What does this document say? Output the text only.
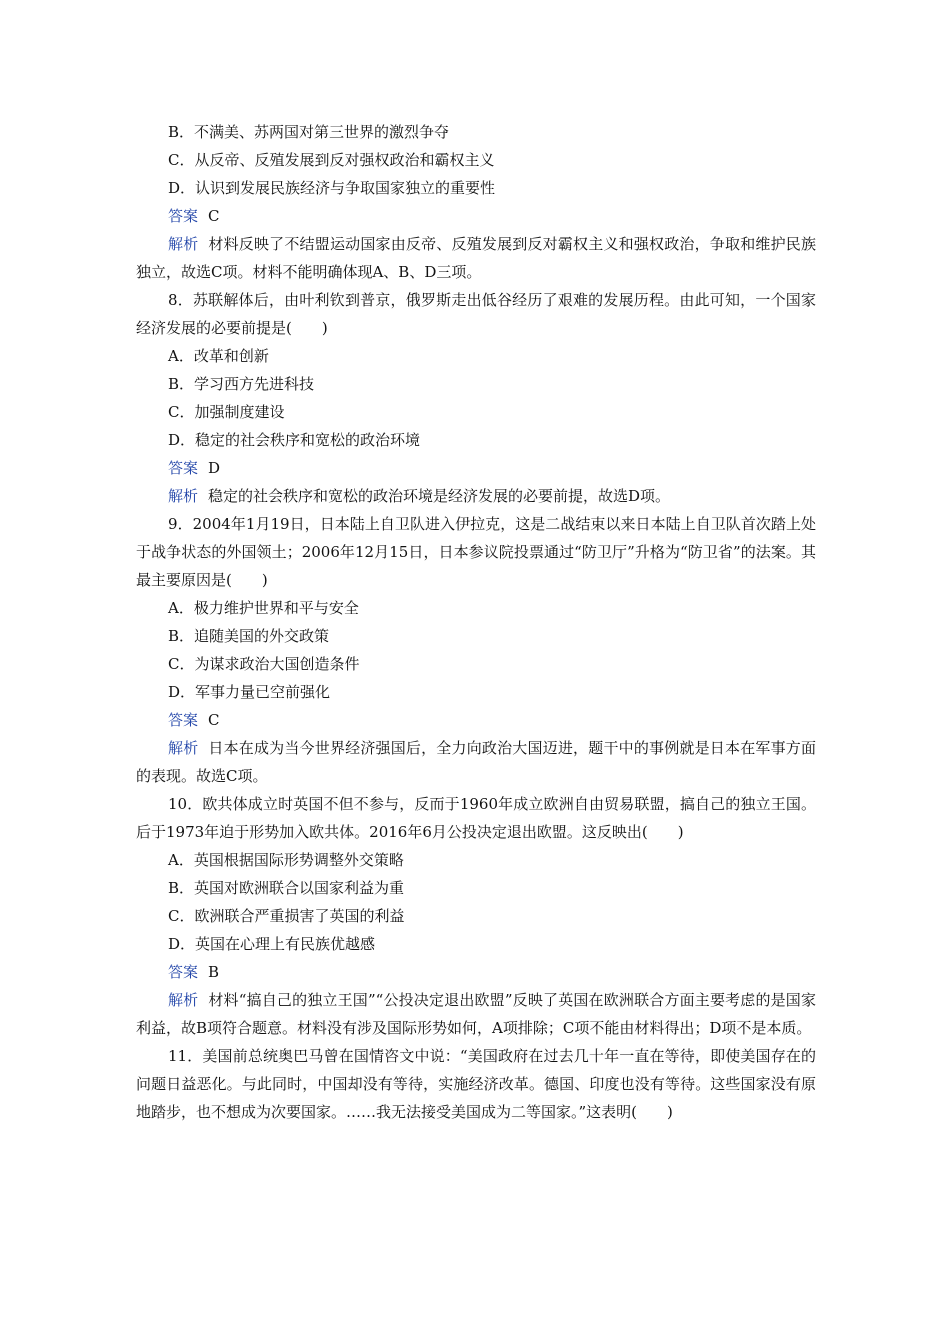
B．不满美、苏两国对第三世界的激烈争夺
C．从反帝、反殖发展到反对强权政治和霸权主义
D．认识到发展民族经济与争取国家独立的重要性
答案 C
解析 材料反映了不结盟运动国家由反帝、反殖发展到反对霸权主义和强权政治，争取和维护民族独立，故选C项。材料不能明确体现A、B、D三项。
8．苏联解体后，由叶利钦到普京，俄罗斯走出低谷经历了艰难的发展历程。由此可知，一个国家经济发展的必要前提是(　　)
A．改革和创新
B．学习西方先进科技
C．加强制度建设
D．稳定的社会秩序和宽松的政治环境
答案 D
解析 稳定的社会秩序和宽松的政治环境是经济发展的必要前提，故选D项。
9．2004年1月19日，日本陆上自卫队进入伊拉克，这是二战结束以来日本陆上自卫队首次踏上处于战争状态的外国领土；2006年12月15日，日本参议院投票通过“防卫厅”升格为“防卫省”的法案。其最主要原因是(　　)
A．极力维护世界和平与安全
B．追随美国的外交政策
C．为谋求政治大国创造条件
D．军事力量已空前强化
答案 C
解析 日本在成为当今世界经济强国后，全力向政治大国迈进，题干中的事例就是日本在军事方面的表现。故选C项。
10．欧共体成立时英国不但不参与，反而于1960年成立欧洲自由贸易联盟，搞自己的独立王国。后于1973年迫于形势加入欧共体。2016年6月公投决定退出欧盟。这反映出(　　)
A．英国根据国际形势调整外交策略
B．英国对欧洲联合以国家利益为重
C．欧洲联合严重损害了英国的利益
D．英国在心理上有民族优越感
答案 B
解析 材料“搞自己的独立王国”“公投决定退出欧盟”反映了英国在欧洲联合方面主要考虑的是国家利益，故B项符合题意。材料没有涉及国际形势如何，A项排除；C项不能由材料得出；D项不是本质。
11．美国前总统奥巴马曾在国情咨文中说：“美国政府在过去几十年一直在等待，即使美国存在的问题日益恶化。与此同时，中国却没有等待，实施经济改革。德国、印度也没有等待。这些国家没有原地踏步，也不想成为次要国家。……我无法接受美国成为二等国家。”这表明(　　)
